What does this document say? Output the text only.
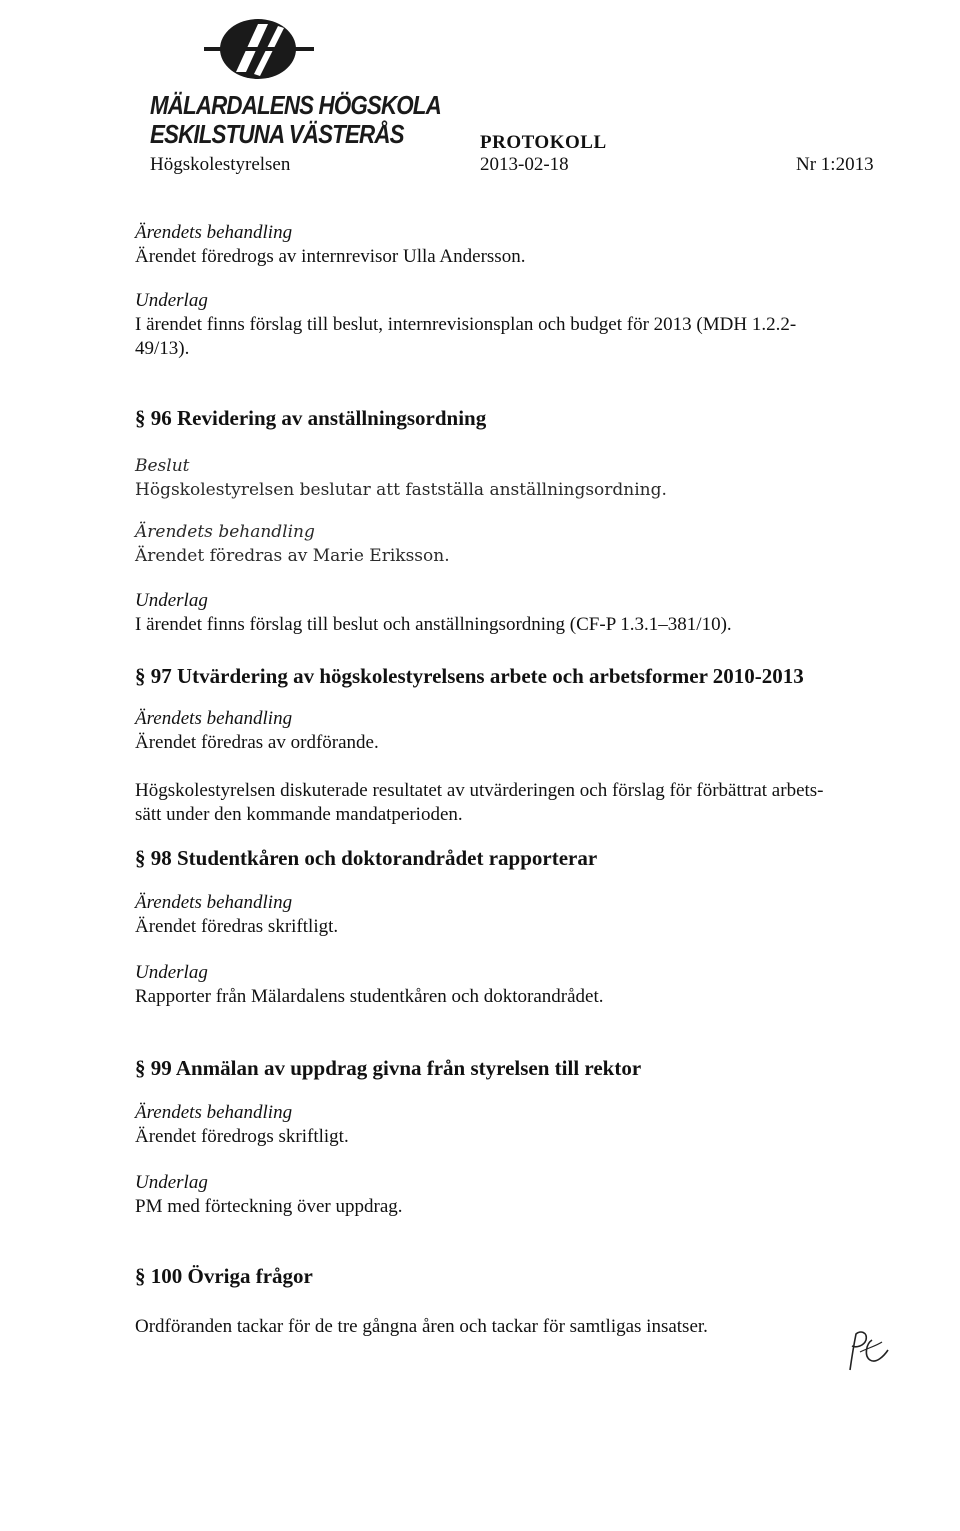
MÄLARDALENS HÖGSKOLA
ESKILSTUNA VÄSTERÅS	PROTOKOLL
Högskolestyrelsen	2013-02-18	Nr 1:2013
Ärendets behandling
Ärendet föredrogs av internrevisor Ulla Andersson.
Underlag
I ärendet finns förslag till beslut, internrevisionsplan och budget för 2013 (MDH 1.2.2-
49/13).
§ 96 Revidering av anställningsordning
Beslut
Högskolestyrelsen beslutar att fastställa anställningsordning.
Ärendets behandling
Ärendet föredras av Marie Eriksson.
Underlag
I ärendet finns förslag till beslut och anställningsordning (CF-P 1.3.1–381/10).
§ 97 Utvärdering av högskolestyrelsens arbete och arbetsformer 2010-2013
Ärendets behandling
Ärendet föredras av ordförande.
Högskolestyrelsen diskuterade resultatet av utvärderingen och förslag för förbättrat arbets-
sätt under den kommande mandatperioden.
§ 98 Studentkåren och doktorandrådet rapporterar
Ärendets behandling
Ärendet föredras skriftligt.
Underlag
Rapporter från Mälardalens studentkåren och doktorandrådet.
§ 99 Anmälan av uppdrag givna från styrelsen till rektor
Ärendets behandling
Ärendet föredrogs skriftligt.
Underlag
PM med förteckning över uppdrag.
§ 100 Övriga frågor
Ordföranden tackar för de tre gångna åren och tackar för samtligas insatser.
